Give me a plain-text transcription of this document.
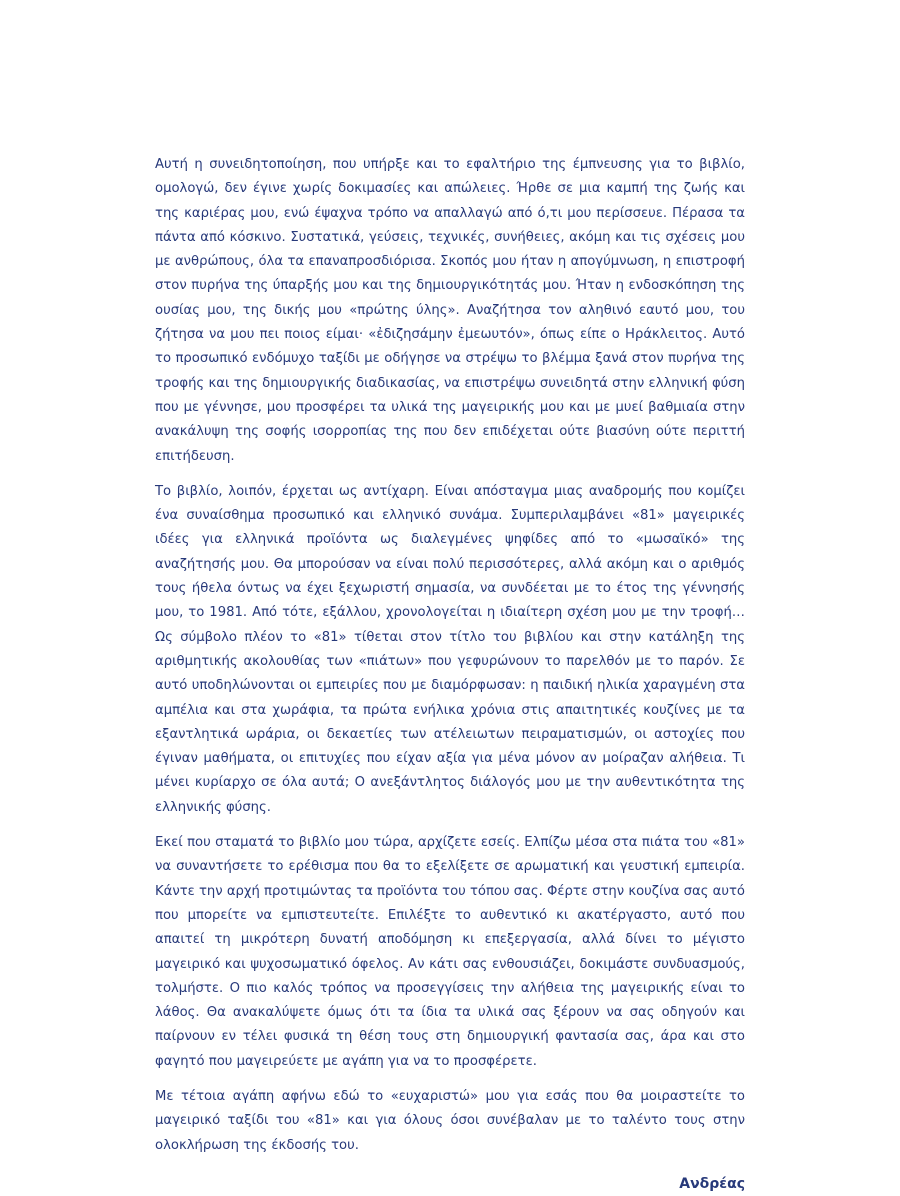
Αυτή η συνειδητοποίηση, που υπήρξε και το εφαλτήριο της έμπνευσης για το βιβλίο, ομολογώ, δεν έγινε χωρίς δοκιμασίες και απώλειες. Ήρθε σε μια καμπή της ζωής και της καριέρας μου, ενώ έψαχνα τρόπο να απαλλαγώ από ό,τι μου περίσσευε. Πέρασα τα πάντα από κόσκινο. Συστατικά, γεύσεις, τεχνικές, συνήθειες, ακόμη και τις σχέσεις μου με ανθρώπους, όλα τα επαναπροσδιόρισα. Σκοπός μου ήταν η απογύμνωση, η επιστροφή στον πυρήνα της ύπαρξής μου και της δημιουργικότητάς μου. Ήταν η ενδοσκόπηση της ουσίας μου, της δικής μου «πρώτης ύλης». Αναζήτησα τον αληθινό εαυτό μου, του ζήτησα να μου πει ποιος είμαι· «ἐδιζησάμην ἐμεωυτόν», όπως είπε ο Ηράκλειτος. Αυτό το προσωπικό ενδόμυχο ταξίδι με οδήγησε να στρέψω το βλέμμα ξανά στον πυρήνα της τροφής και της δημιουργικής διαδικασίας, να επιστρέψω συνειδητά στην ελληνική φύση που με γέννησε, μου προσφέρει τα υλικά της μαγειρικής μου και με μυεί βαθμιαία στην ανακάλυψη της σοφής ισορροπίας της που δεν επιδέχεται ούτε βιασύνη ούτε περιττή επιτήδευση.

Το βιβλίο, λοιπόν, έρχεται ως αντίχαρη. Είναι απόσταγμα μιας αναδρομής που κομίζει ένα συναίσθημα προσωπικό και ελληνικό συνάμα. Συμπεριλαμβάνει «81» μαγειρικές ιδέες για ελληνικά προϊόντα ως διαλεγμένες ψηφίδες από το «μωσαϊκό» της αναζήτησής μου. Θα μπορούσαν να είναι πολύ περισσότερες, αλλά ακόμη και ο αριθμός τους ήθελα όντως να έχει ξεχωριστή σημασία, να συνδέεται με το έτος της γέννησής μου, το 1981. Από τότε, εξάλλου, χρονολογείται η ιδιαίτερη σχέση μου με την τροφή… Ως σύμβολο πλέον το «81» τίθεται στον τίτλο του βιβλίου και στην κατάληξη της αριθμητικής ακολουθίας των «πιάτων» που γεφυρώνουν το παρελθόν με το παρόν. Σε αυτό υποδηλώνονται οι εμπειρίες που με διαμόρφωσαν: η παιδική ηλικία χαραγμένη στα αμπέλια και στα χωράφια, τα πρώτα ενήλικα χρόνια στις απαιτητικές κουζίνες με τα εξαντλητικά ωράρια, οι δεκαετίες των ατέλειωτων πειραματισμών, οι αστοχίες που έγιναν μαθήματα, οι επιτυχίες που είχαν αξία για μένα μόνον αν μοίραζαν αλήθεια. Τι μένει κυρίαρχο σε όλα αυτά; Ο ανεξάντλητος διάλογός μου με την αυθεντικότητα της ελληνικής φύσης.

Εκεί που σταματά το βιβλίο μου τώρα, αρχίζετε εσείς. Ελπίζω μέσα στα πιάτα του «81» να συναντήσετε το ερέθισμα που θα το εξελίξετε σε αρωματική και γευστική εμπειρία. Κάντε την αρχή προτιμώντας τα προϊόντα του τόπου σας. Φέρτε στην κουζίνα σας αυτό που μπορείτε να εμπιστευτείτε. Επιλέξτε το αυθεντικό κι ακατέργαστο, αυτό που απαιτεί τη μικρότερη δυνατή αποδόμηση κι επεξεργασία, αλλά δίνει το μέγιστο μαγειρικό και ψυχοσωματικό όφελος. Αν κάτι σας ενθουσιάζει, δοκιμάστε συνδυασμούς, τολμήστε. Ο πιο καλός τρόπος να προσεγγίσεις την αλήθεια της μαγειρικής είναι το λάθος. Θα ανακαλύψετε όμως ότι τα ίδια τα υλικά σας ξέρουν να σας οδηγούν και παίρνουν εν τέλει φυσικά τη θέση τους στη δημιουργική φαντασία σας, άρα και στο φαγητό που μαγειρεύετε με αγάπη για να το προσφέρετε.

Με τέτοια αγάπη αφήνω εδώ το «ευχαριστώ» μου για εσάς που θα μοιραστείτε το μαγειρικό ταξίδι του «81» και για όλους όσοι συνέβαλαν με το ταλέντο τους στην ολοκλήρωση της έκδοσής του.

Ανδρέας
